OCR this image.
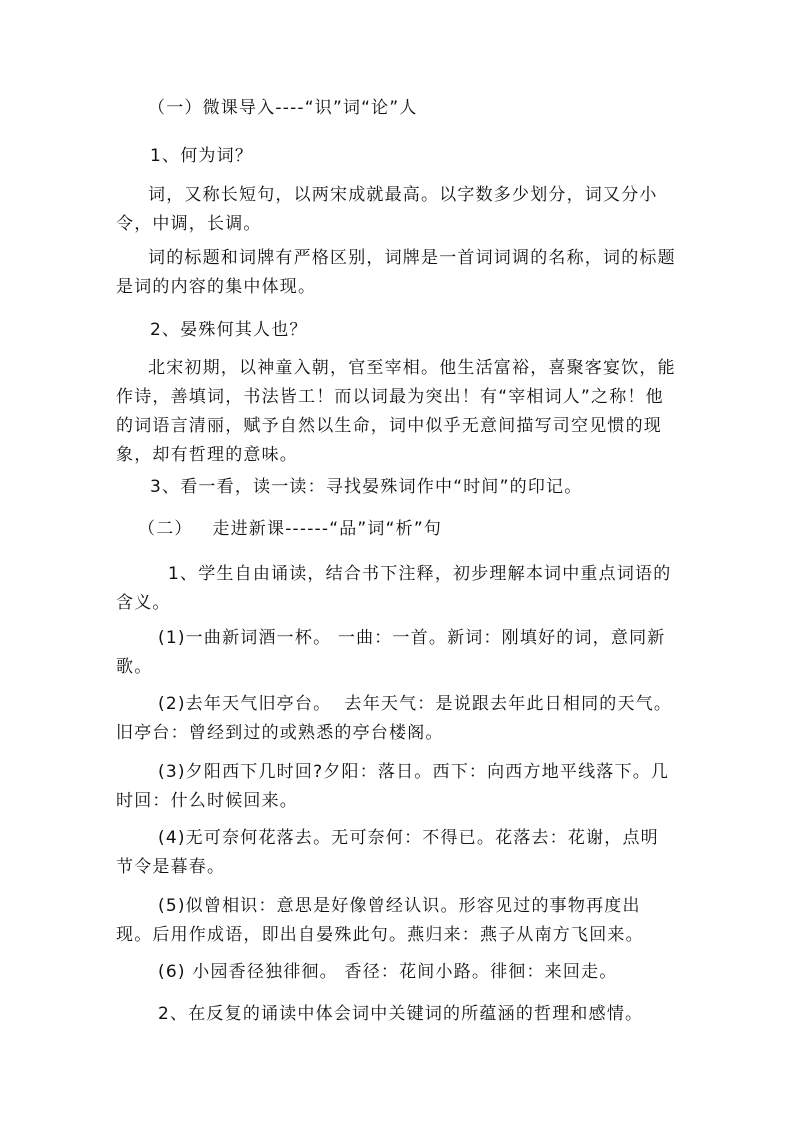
（一）微课导入----“识”词“论”人
1、何为词？
词，又称长短句，以两宋成就最高。以字数多少划分，词又分小令，中调，长调。
词的标题和词牌有严格区别，词牌是一首词词调的名称，词的标题是词的内容的集中体现。
2、晏殊何其人也？
北宋初期，以神童入朝，官至宰相。他生活富裕，喜聚客宴饮，能作诗，善填词，书法皆工！而以词最为突出！有“宰相词人”之称！他的词语言清丽，赋予自然以生命，词中似乎无意间描写司空见惯的现象，却有哲理的意味。
3、看一看，读一读：寻找晏殊词作中“时间”的印记。
（二）   走进新课------“品”词“析”句
1、学生自由诵读，结合书下注释，初步理解本词中重点词语的含义。
(1)一曲新词酒一杯。 一曲：一首。新词：刚填好的词，意同新歌。
(2)去年天气旧亭台。  去年天气：是说跟去年此日相同的天气。旧亭台：曾经到过的或熟悉的亭台楼阁。
(3)夕阳西下几时回?夕阳：落日。西下：向西方地平线落下。几时回：什么时候回来。
(4)无可奈何花落去。无可奈何：不得已。花落去：花谢，点明节令是暮春。
(5)似曾相识：意思是好像曾经认识。形容见过的事物再度出现。后用作成语，即出自晏殊此句。燕归来：燕子从南方飞回来。
(6) 小园香径独徘徊。 香径：花间小路。徘徊：来回走。
2、在反复的诵读中体会词中关键词的所蕴涵的哲理和感情。
